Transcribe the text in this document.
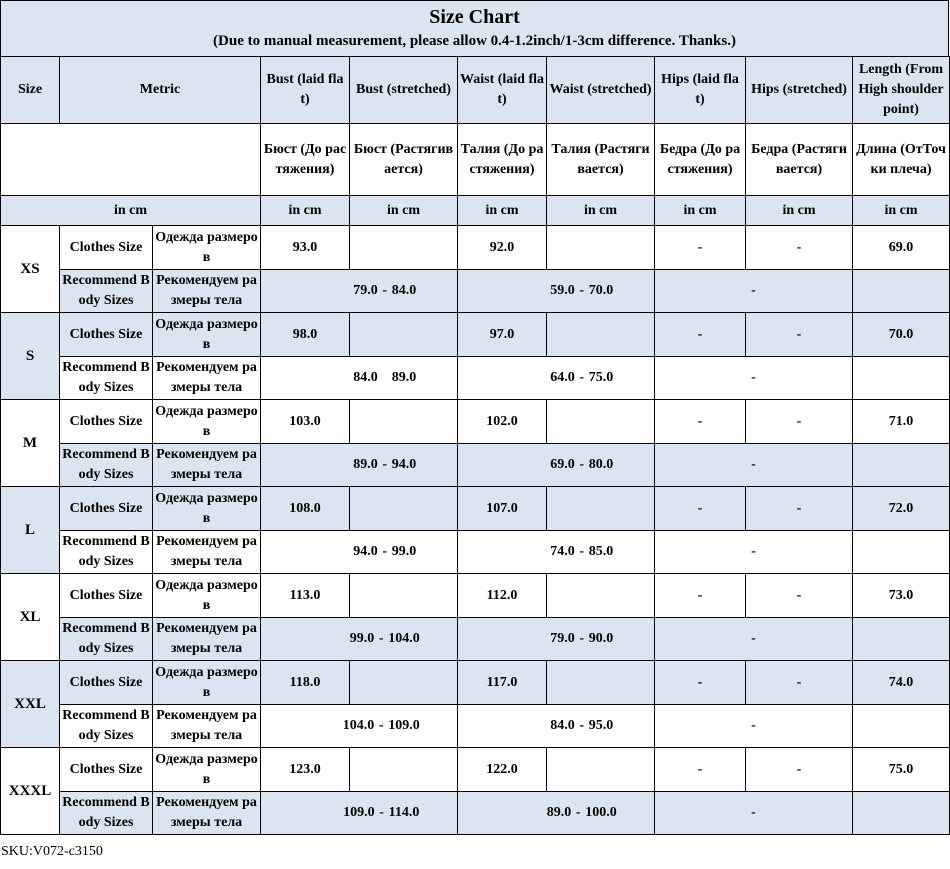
Size Chart
(Due to manual measurement, please allow 0.4-1.2inch/1-3cm difference. Thanks.)
Size	Metric		Bust (laid flat)	Bust (stretched)	Waist (laid flat)	Waist (stretched)	Hips (laid flat)	Hips (stretched)	Length (From High shoulder point)
			Бюст (До растяжения)	Бюст (Растягивается)	Талия (До растяжения)	Талия (Растягивается)	Бедра (До растяжения)	Бедра (Растягивается)	Длина (ОтТочки плеча)
in cm			in cm	in cm	in cm	in cm	in cm	in cm	in cm
XS	Clothes Size	Одежда размеров	93.0		92.0		-	-	69.0
	Recommend Body Sizes	Рекомендуем размеры тела	79.0 - 84.0		59.0 - 70.0		-		
S	Clothes Size	Одежда размеров	98.0		97.0		-	-	70.0
	Recommend Body Sizes	Рекомендуем размеры тела	84.0 89.0		64.0 - 75.0		-		
M	Clothes Size	Одежда размеров	103.0		102.0		-	-	71.0
	Recommend Body Sizes	Рекомендуем размеры тела	89.0 - 94.0		69.0 - 80.0		-		
L	Clothes Size	Одежда размеров	108.0		107.0		-	-	72.0
	Recommend Body Sizes	Рекомендуем размеры тела	94.0 - 99.0		74.0 - 85.0		-		
XL	Clothes Size	Одежда размеров	113.0		112.0		-	-	73.0
	Recommend Body Sizes	Рекомендуем размеры тела	99.0 - 104.0		79.0 - 90.0		-		
XXL	Clothes Size	Одежда размеров	118.0		117.0		-	-	74.0
	Recommend Body Sizes	Рекомендуем размеры тела	104.0 - 109.0		84.0 - 95.0		-		
XXXL	Clothes Size	Одежда размеров	123.0		122.0		-	-	75.0
	Recommend Body Sizes	Рекомендуем размеры тела	109.0 - 114.0		89.0 - 100.0		-		
SKU:V072-c3150
